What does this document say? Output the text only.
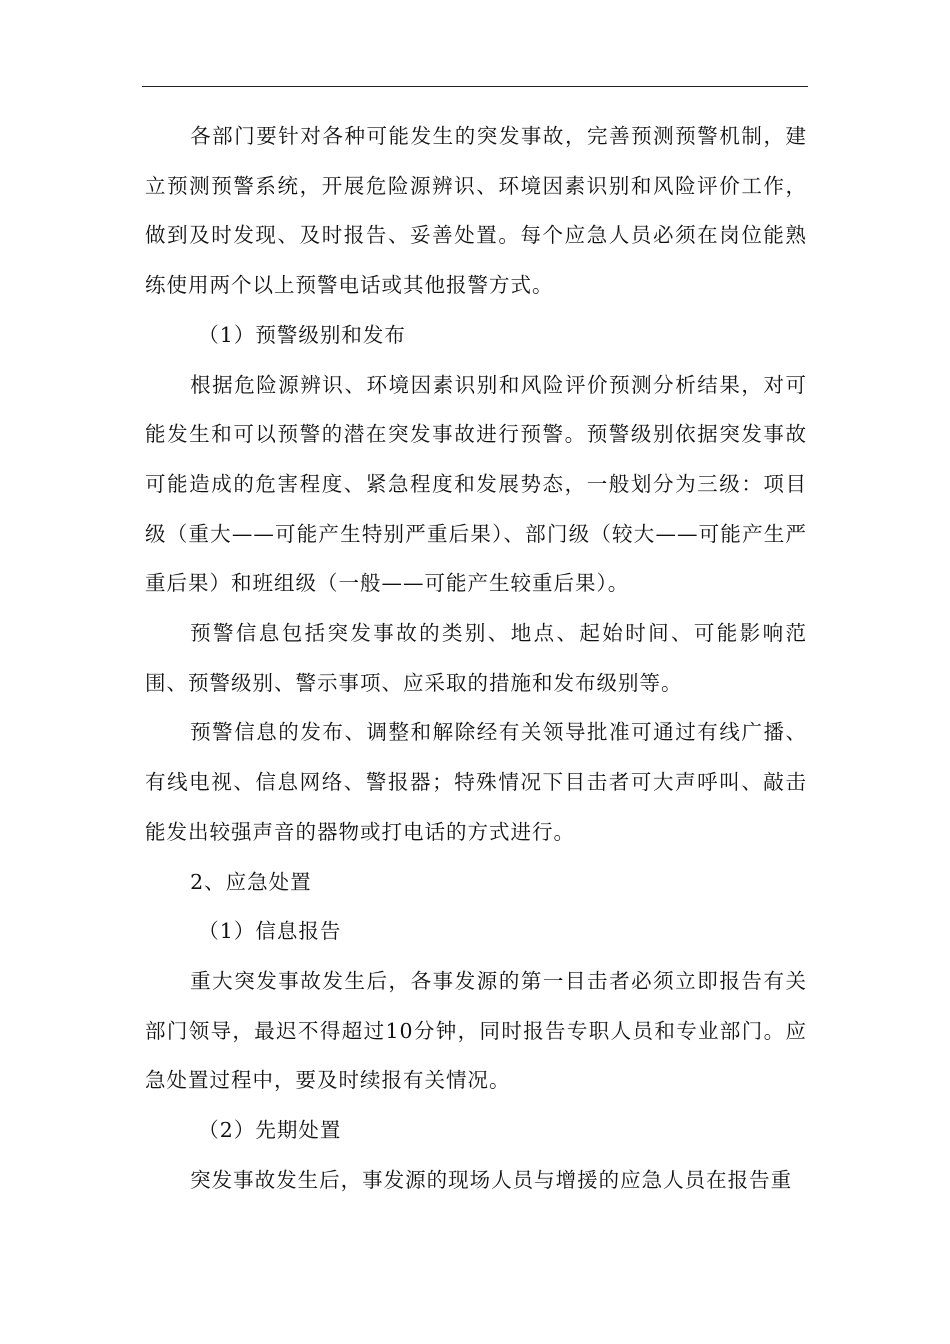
各部门要针对各种可能发生的突发事故，完善预测预警机制，建立预测预警系统，开展危险源辨识、环境因素识别和风险评价工作，做到及时发现、及时报告、妥善处置。每个应急人员必须在岗位能熟练使用两个以上预警电话或其他报警方式。

（1）预警级别和发布

根据危险源辨识、环境因素识别和风险评价预测分析结果，对可能发生和可以预警的潜在突发事故进行预警。预警级别依据突发事故可能造成的危害程度、紧急程度和发展势态，一般划分为三级：项目级（重大——可能产生特别严重后果）、部门级（较大——可能产生严重后果）和班组级（一般——可能产生较重后果）。

预警信息包括突发事故的类别、地点、起始时间、可能影响范围、预警级别、警示事项、应采取的措施和发布级别等。

预警信息的发布、调整和解除经有关领导批准可通过有线广播、有线电视、信息网络、警报器；特殊情况下目击者可大声呼叫、敲击能发出较强声音的器物或打电话的方式进行。

2、应急处置

（1）信息报告

重大突发事故发生后，各事发源的第一目击者必须立即报告有关部门领导，最迟不得超过10分钟，同时报告专职人员和专业部门。应急处置过程中，要及时续报有关情况。

（2）先期处置

突发事故发生后，事发源的现场人员与增援的应急人员在报告重
